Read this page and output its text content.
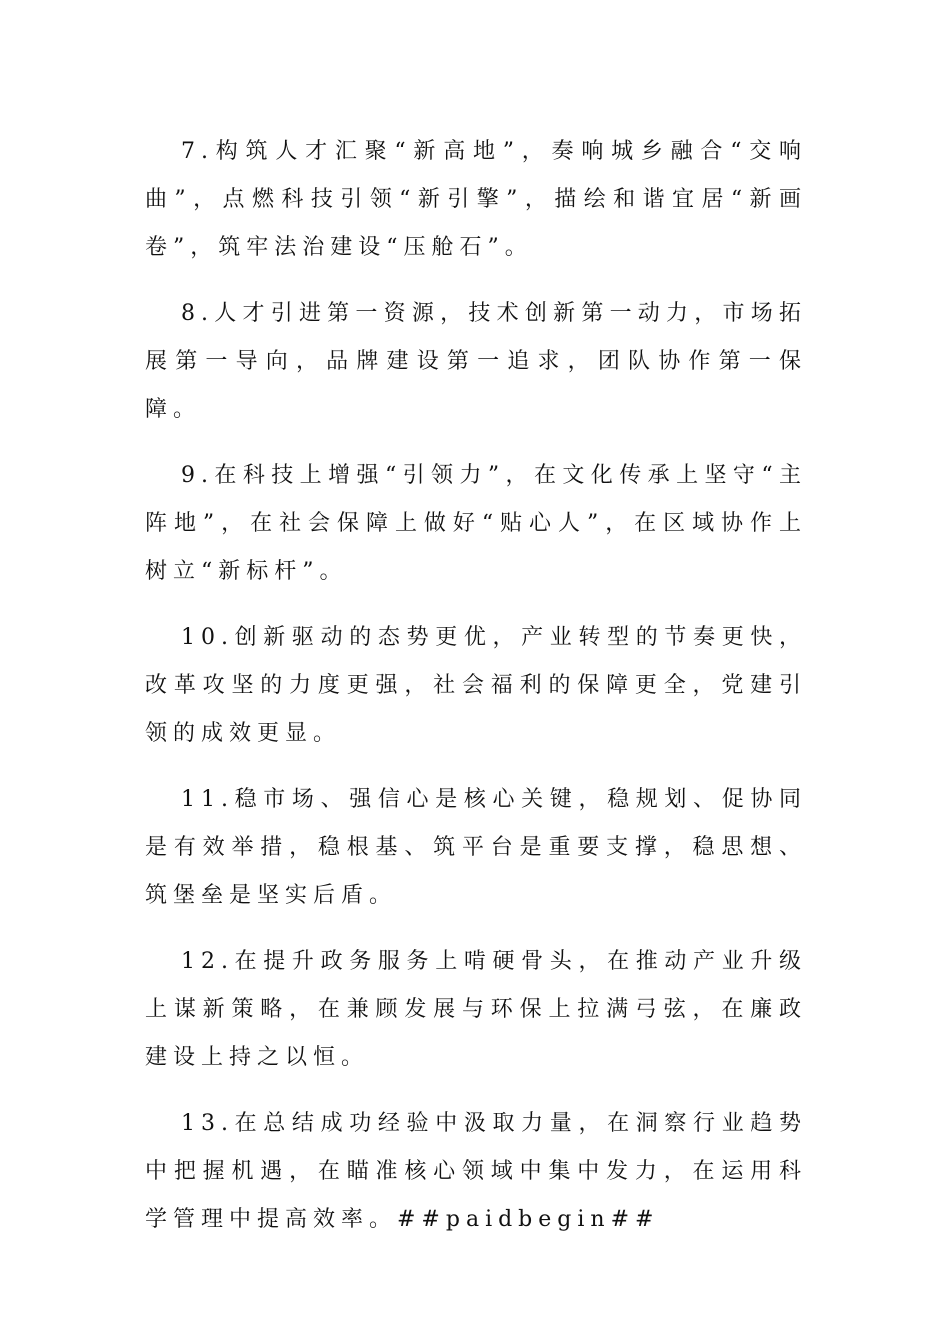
7.构筑人才汇聚“新高地”，奏响城乡融合“交响曲”，点燃科技引领“新引擎”，描绘和谐宜居“新画卷”，筑牢法治建设“压舱石”。

8.人才引进第一资源，技术创新第一动力，市场拓展第一导向，品牌建设第一追求，团队协作第一保障。

9.在科技上增强“引领力”，在文化传承上坚守“主阵地”，在社会保障上做好“贴心人”，在区域协作上树立“新标杆”。

10.创新驱动的态势更优，产业转型的节奏更快，改革攻坚的力度更强，社会福利的保障更全，党建引领的成效更显。

11.稳市场、强信心是核心关键，稳规划、促协同是有效举措，稳根基、筑平台是重要支撑，稳思想、筑堡垒是坚实后盾。

12.在提升政务服务上啃硬骨头，在推动产业升级上谋新策略，在兼顾发展与环保上拉满弓弦，在廉政建设上持之以恒。

13.在总结成功经验中汲取力量，在洞察行业趋势中把握机遇，在瞄准核心领域中集中发力，在运用科学管理中提高效率。##paidbegin##
